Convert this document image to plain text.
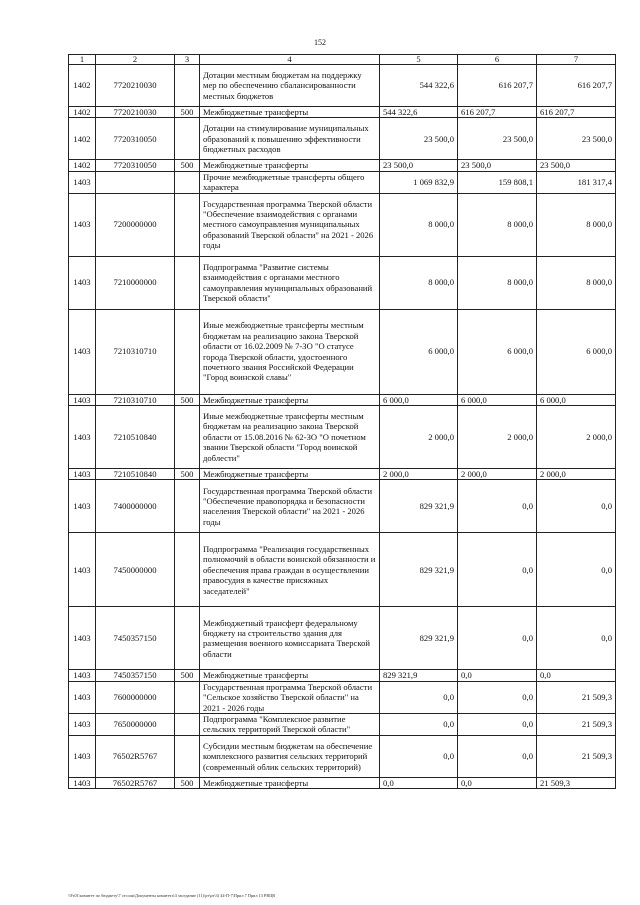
152
1	2	3	4	5	6	7
1402	7720210030		Дотации местным бюджетам на поддержку мер по обеспечению сбалансированности местных бюджетов	544 322,6	616 207,7	616 207,7
1402	7720210030	500	Межбюджетные трансферты	544 322,6	616 207,7	616 207,7
1402	7720310050		Дотации на стимулирование муниципальных образований к повышению эффективности бюджетных расходов	23 500,0	23 500,0	23 500,0
1402	7720310050	500	Межбюджетные трансферты	23 500,0	23 500,0	23 500,0
1403			Прочие межбюджетные трансферты общего характера	1 069 832,9	159 808,1	181 317,4
1403	7200000000		Государственная программа Тверской области "Обеспечение взаимодействия с органами местного самоуправления муниципальных образований Тверской области" на 2021 - 2026 годы	8 000,0	8 000,0	8 000,0
1403	7210000000		Подпрограмма "Развитие системы взаимодействия с органами местного самоуправления муниципальных образований Тверской области"	8 000,0	8 000,0	8 000,0
1403	7210310710		Иные межбюджетные трансферты местным бюджетам на реализацию закона Тверской области от 16.02.2009 № 7-ЗО "О статусе города Тверской области, удостоенного почетного звания Российской Федерации "Город воинской славы"	6 000,0	6 000,0	6 000,0
1403	7210310710	500	Межбюджетные трансферты	6 000,0	6 000,0	6 000,0
1403	7210510840		Иные межбюджетные трансферты местным бюджетам на реализацию закона Тверской области от 15.08.2016 № 62-ЗО "О почетном звании Тверской области "Город воинской доблести"	2 000,0	2 000,0	2 000,0
1403	7210510840	500	Межбюджетные трансферты	2 000,0	2 000,0	2 000,0
1403	7400000000		Государственная программа Тверской области "Обеспечение правопорядка и безопасности населения Тверской области" на 2021 - 2026 годы	829 321,9	0,0	0,0
1403	7450000000		Подпрограмма "Реализация государственных полномочий в области воинской обязанности и обеспечения права граждан в осуществлении правосудия в качестве присяжных заседателей"	829 321,9	0,0	0,0
1403	7450357150		Межбюджетный трансферт федеральному бюджету на строительство здания для размещения военного комиссариата Тверской области	829 321,9	0,0	0,0
1403	7450357150	500	Межбюджетные трансферты	829 321,9	0,0	0,0
1403	7600000000		Государственная программа Тверской области "Сельское хозяйство Тверской области" на 2021 - 2026 годы	0,0	0,0	21 509,3
1403	7650000000		Подпрограмма "Комплексное развитие сельских территорий Тверской области"	0,0	0,0	21 509,3
1403	76502R5767		Субсидии местным бюджетам на обеспечение комплексного развития сельских территорий (современный облик сельских территорий)	0,0	0,0	21 509,3
1403	76502R5767	500	Межбюджетные трансферты	0,0	0,0	21 509,3
\\Fs01\комитет по бюджету\7 сессия\Документы комитета\3 заседание (11)\рт\рт\3) 44-П-7\Прил 7 Прил 13 РВЦВ
